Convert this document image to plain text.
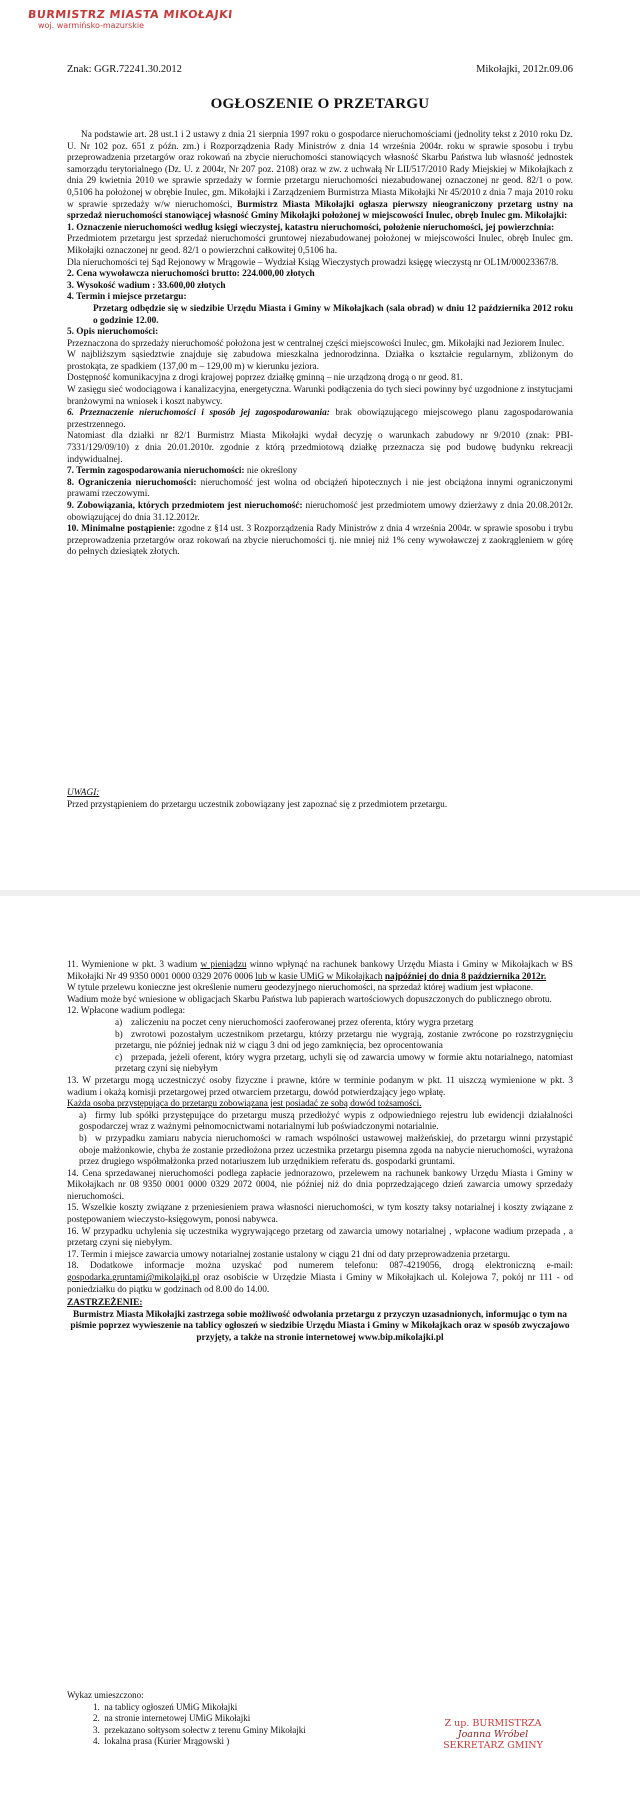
BURMISTRZ MIASTA MIKOŁAJKI
woj. warmińsko-mazurskie
Znak: GGR.72241.30.2012	Mikołajki, 2012r.09.06
OGŁOSZENIE O PRZETARGU

Na podstawie art. 28 ust.1 i 2 ustawy z dnia 21 sierpnia 1997 roku o gospodarce nieruchomościami (jednolity tekst z 2010 roku Dz. U. Nr 102 poz. 651 z późn. zm.) i Rozporządzenia Rady Ministrów z dnia 14 września 2004r. roku w sprawie sposobu i trybu przeprowadzenia przetargów oraz rokowań na zbycie nieruchomości stanowiących własność Skarbu Państwa lub własność jednostek samorządu terytorialnego (Dz. U. z 2004r, Nr 207 poz. 2108) oraz w zw. z uchwałą Nr LII/517/2010 Rady Miejskiej w Mikołajkach z dnia 29 kwietnia 2010 we sprawie sprzedaży w formie przetargu nieruchomości niezabudowanej oznaczonej nr geod. 82/1 o pow. 0,5106 ha położonej w obrębie Inulec, gm. Mikołajki i Zarządzeniem Burmistrza Miasta Mikołajki Nr 45/2010 z dnia 7 maja 2010 roku w sprawie sprzedaży w/w nieruchomości, Burmistrz Miasta Mikołajki ogłasza pierwszy nieograniczony przetarg ustny na sprzedaż nieruchomości stanowiącej własność Gminy Mikołajki położonej w miejscowości Inulec, obręb Inulec gm. Mikołajki:

1. Oznaczenie nieruchomości według księgi wieczystej, katastru nieruchomości, położenie nieruchomości, jej powierzchnia:

Przedmiotem przetargu jest sprzedaż nieruchomości gruntowej niezabudowanej położonej w miejscowości Inulec, obręb Inulec gm. Mikołajki oznaczonej nr geod. 82/1 o powierzchni całkowitej 0,5106 ha.

Dla nieruchomości tej Sąd Rejonowy w Mrągowie – Wydział Ksiąg Wieczystych prowadzi księgę wieczystą nr OL1M/00023367/8.

2. Cena wywoławcza nieruchomości brutto: 224.000,00 złotych

3. Wysokość wadium : 33.600,00 złotych

4. Termin i miejsce przetargu:

Przetarg odbędzie się w siedzibie Urzędu Miasta i Gminy w Mikołajkach (sala obrad) w dniu 12 października 2012 roku o godzinie 12.00.

5. Opis nieruchomości:

Przeznaczona do sprzedaży nieruchomość położona jest w centralnej części miejscowości Inulec, gm. Mikołajki nad Jeziorem Inulec.

W najbliższym sąsiedztwie znajduje się zabudowa mieszkalna jednorodzinna. Działka o kształcie regularnym, zbliżonym do prostokąta, ze spadkiem (137,00 m – 129,00 m) w kierunku jeziora.

Dostępność komunikacyjna z drogi krajowej poprzez działkę gminną – nie urządzoną drogą o nr geod. 81.

W zasięgu sieć wodociągowa i kanalizacyjna, energetyczna. Warunki podłączenia do tych sieci powinny być uzgodnione z instytucjami branżowymi na wniosek i koszt nabywcy.

6. Przeznaczenie nieruchomości i sposób jej zagospodarowania: brak obowiązującego miejscowego planu zagospodarowania przestrzennego.

Natomiast dla działki nr 82/1 Burmistrz Miasta Mikołajki wydał decyzję o warunkach zabudowy nr 9/2010 (znak: PBI-7331/129/09/10) z dnia 20.01.2010r. zgodnie z którą przedmiotową działkę przeznacza się pod budowę budynku rekreacji indywidualnej.

7. Termin zagospodarowania nieruchomości: nie określony

8. Ograniczenia nieruchomości: nieruchomość jest wolna od obciążeń hipotecznych i nie jest obciążona innymi ograniczonymi prawami rzeczowymi.

9. Zobowiązania, których przedmiotem jest nieruchomość: nieruchomość jest przedmiotem umowy dzierżawy z dnia 20.08.2012r. obowiązującej do dnia 31.12.2012r.

10. Minimalne postąpienie: zgodne z §14 ust. 3 Rozporządzenia Rady Ministrów z dnia 4 września 2004r. w sprawie sposobu i trybu przeprowadzenia przetargów oraz rokowań na zbycie nieruchomości tj. nie mniej niż 1% ceny wywoławczej z zaokrągleniem w górę do pełnych dziesiątek złotych.

UWAGI:

Przed przystąpieniem do przetargu uczestnik zobowiązany jest zapoznać się z przedmiotem przetargu.

11. Wymienione w pkt. 3 wadium w pieniądzu winno wpłynąć na rachunek bankowy Urzędu Miasta i Gminy w Mikołajkach w BS Mikołajki Nr 49 9350 0001 0000 0329 2076 0006 lub w kasie UMiG w Mikołajkach najpóźniej do dnia 8 października 2012r.

W tytule przelewu konieczne jest określenie numeru geodezyjnego nieruchomości, na sprzedaż której wadium jest wpłacone.

Wadium może być wniesione w obligacjach Skarbu Państwa lub papierach wartościowych dopuszczonych do publicznego obrotu.

12. Wpłacone wadium podlega:

a) zaliczeniu na poczet ceny nieruchomości zaoferowanej przez oferenta, który wygra przetarg

b) zwrotowi pozostałym uczestnikom przetargu, którzy przetargu nie wygrają, zostanie zwrócone po rozstrzygnięciu przetargu, nie później jednak niż w ciągu 3 dni od jego zamknięcia, bez oprocentowania

c) przepada, jeżeli oferent, który wygra przetarg, uchyli się od zawarcia umowy w formie aktu notarialnego, natomiast przetarg czyni się niebyłym

13. W przetargu mogą uczestniczyć osoby fizyczne i prawne, które w terminie podanym w pkt. 11 uiszczą wymienione w pkt. 3 wadium i okażą komisji przetargowej przed otwarciem przetargu, dowód potwierdzający jego wpłatę.

Każda osoba przystępująca do przetargu zobowiązana jest posiadać ze sobą dowód tożsamości.

a) firmy lub spółki przystępujące do przetargu muszą przedłożyć wypis z odpowiedniego rejestru lub ewidencji działalności gospodarczej wraz z ważnymi pełnomocnictwami notarialnymi lub poświadczonymi notarialnie.

b) w przypadku zamiaru nabycia nieruchomości w ramach wspólności ustawowej małżeńskiej, do przetargu winni przystąpić oboje małżonkowie, chyba że zostanie przedłożona przez uczestnika przetargu pisemna zgoda na nabycie nieruchomości, wyrażona przez drugiego współmałżonka przed notariuszem lub urzędnikiem referatu ds. gospodarki gruntami.

14. Cena sprzedawanej nieruchomości podlega zapłacie jednorazowo, przelewem na rachunek bankowy Urzędu Miasta i Gminy w Mikołajkach nr 08 9350 0001 0000 0329 2072 0004, nie później niż do dnia poprzedzającego dzień zawarcia umowy sprzedaży nieruchomości.

15. Wszelkie koszty związane z przeniesieniem prawa własności nieruchomości, w tym koszty taksy notarialnej i koszty związane z postępowaniem wieczysto-księgowym, ponosi nabywca.

16. W przypadku uchylenia się uczestnika wygrywającego przetarg od zawarcia umowy notarialnej , wpłacone wadium przepada , a przetarg czyni się niebyłym.

17. Termin i miejsce zawarcia umowy notarialnej zostanie ustalony w ciągu 21 dni od daty przeprowadzenia przetargu.

18. Dodatkowe informacje można uzyskać pod numerem telefonu: 087-4219056, drogą elektroniczną e-mail: gospodarka.gruntami@mikolajki.pl oraz osobiście w Urzędzie Miasta i Gminy w Mikołajkach ul. Kolejowa 7, pokój nr 111 - od poniedziałku do piątku w godzinach od 8.00 do 14.00.

ZASTRZEŻENIE:

Burmistrz Miasta Mikołajki zastrzega sobie możliwość odwołania przetargu z przyczyn uzasadnionych, informując o tym na piśmie poprzez wywieszenie na tablicy ogłoszeń w siedzibie Urzędu Miasta i Gminy w Mikołajkach oraz w sposób zwyczajowo przyjęty, a także na stronie internetowej www.bip.mikolajki.pl

Wykaz umieszczono:
1.  na tablicy ogłoszeń UMiG Mikołajki
2.  na stronie internetowej UMiG Mikołajki
3.  przekazano sołtysom sołectw z terenu Gminy Mikołajki
4.  lokalna prasa (Kurier Mrągowski )
Z up. BURMISTRZA
Joanna Wróbel
SEKRETARZ GMINY
